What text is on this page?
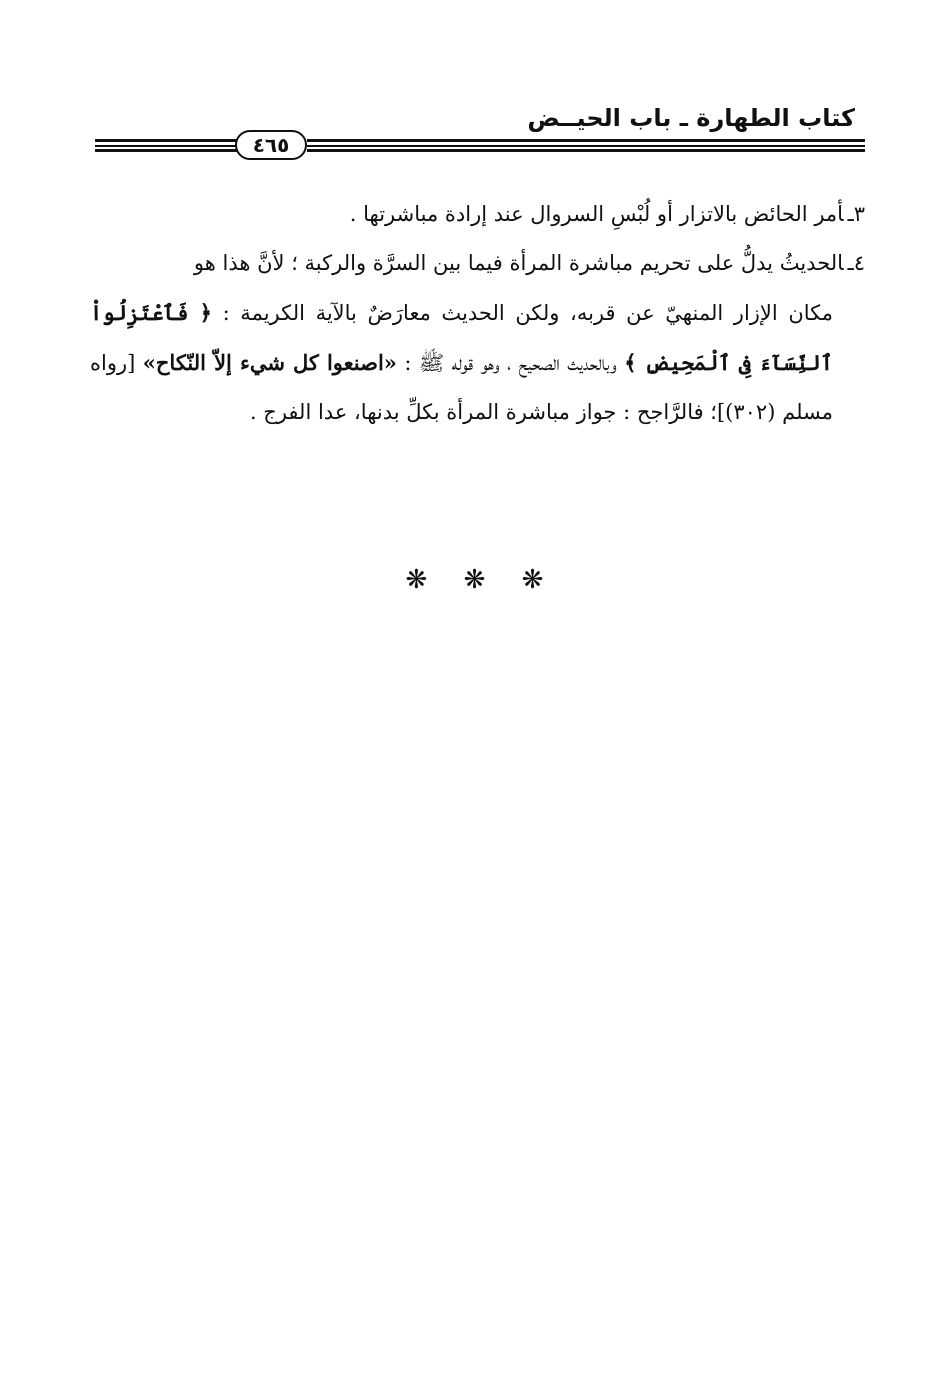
كتاب الطهارة ـ باب الحيــض
٤٦٥

٣ـأمر الحائض بالاتزار أو لُبْسِ السروال عند إرادة مباشرتها .

٤ـالحديثُ يدلُّ على تحريم مباشرة المرأة فيما بين السرَّة والركبة ؛ لأنَّ هذا هو
مكان الإزار المنهيّ عن قربه، ولكن الحديث معارَضٌ بالآية الكريمة : ﴿ فَٱعْتَزِلُواْ ٱلنِّسَآءَ فِى ٱلْمَحِيضِ ﴾ وبالحديث الصحيح ، وهو قوله ﷺ : «اصنعوا كل شيء إلاّ النّكاح» [رواه مسلم (٣٠٢)]؛ فالرَّاجح : جواز مباشرة المرأة بكلِّ بدنها، عدا الفرج .

❋ ❋ ❋
